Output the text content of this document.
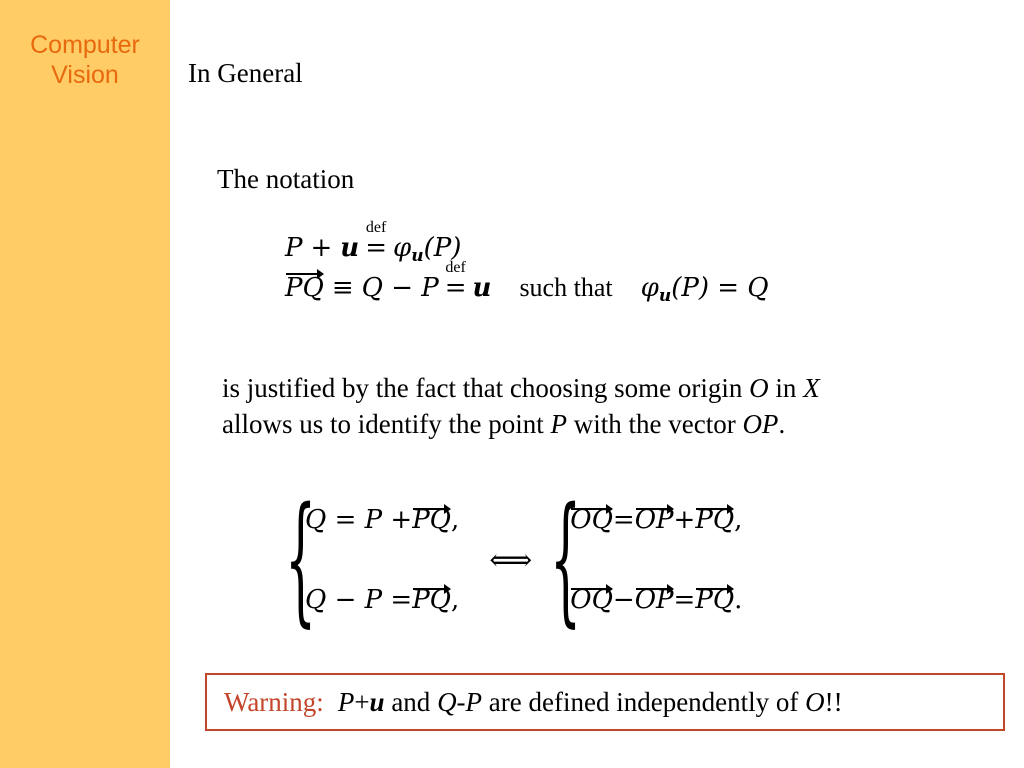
Computer
Vision	In General
The notation
P + u
def
= φ u (P)
PQ ≡ Q − P
def
= u such that φ u (P) = Q
is justified by the fact that choosing some origin O in X
allows us to identify the point P with the vector OP.
{
Q = P + PQ ,
Q − P = PQ ,
⟺ {
OQ = OP + PQ ,
OQ − OP = PQ .
Warning: P + u and Q-P are defined independently of O !!
